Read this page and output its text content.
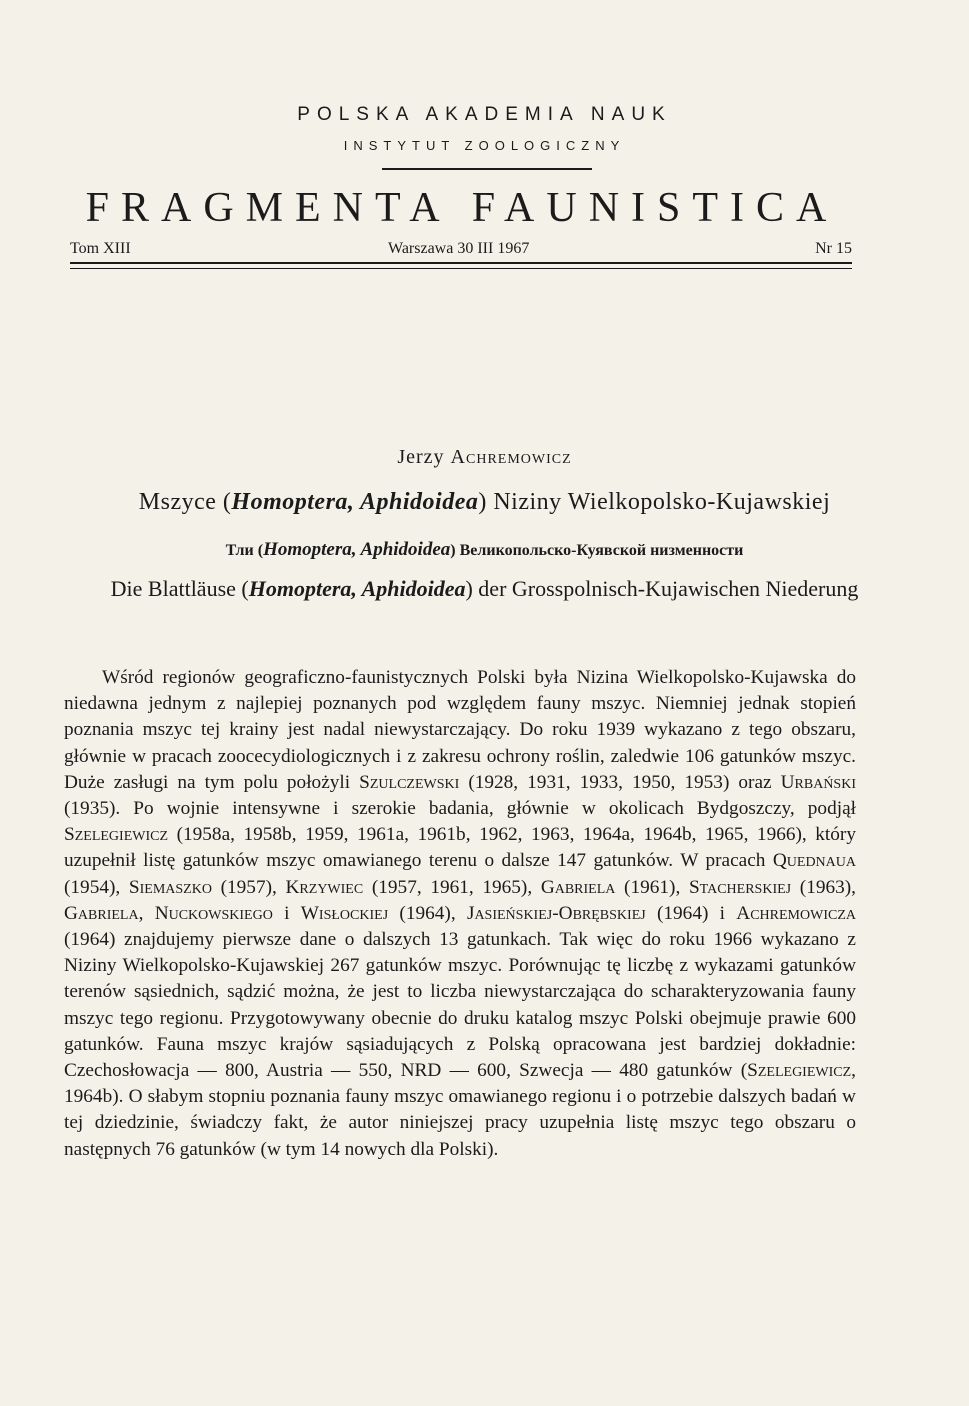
POLSKA AKADEMIA NAUK
INSTYTUT ZOOLOGICZNY
FRAGMENTA FAUNISTICA
Tom XIII	Warszawa 30 III 1967	Nr 15
Jerzy Achremowicz
Mszyce (Homoptera, Aphidoidea) Niziny Wielkopolsko-Kujawskiej
Тли (Homoptera, Aphidoidea) Великопольско-Куявской низменности
Die Blattläuse (Homoptera, Aphidoidea) der Grosspolnisch-Kujawischen Niederung

Wśród regionów geograficzno-faunistycznych Polski była Nizina Wielkopolsko-Kujawska do niedawna jednym z najlepiej poznanych pod względem fauny mszyc. Niemniej jednak stopień poznania mszyc tej krainy jest nadal niewystarczający. Do roku 1939 wykazano z tego obszaru, głównie w pracach zoocecydiologicznych i z zakresu ochrony roślin, zaledwie 106 gatunków mszyc. Duże zasługi na tym polu położyli Szulczewski (1928, 1931, 1933, 1950, 1953) oraz Urbański (1935). Po wojnie intensywne i szerokie badania, głównie w okolicach Bydgoszczy, podjął Szelegiewicz (1958a, 1958b, 1959, 1961a, 1961b, 1962, 1963, 1964a, 1964b, 1965, 1966), który uzupełnił listę gatunków mszyc omawianego terenu o dalsze 147 gatunków. W pracach Quednaua (1954), Siemaszko (1957), Krzywiec (1957, 1961, 1965), Gabriela (1961), Stacherskiej (1963), Gabriela, Nuckowskiego i Wisłockiej (1964), Jasieńskiej-Obrębskiej (1964) i Achremowicza (1964) znajdujemy pierwsze dane o dalszych 13 gatunkach. Tak więc do roku 1966 wykazano z Niziny Wielkopolsko-Kujawskiej 267 gatunków mszyc. Porównując tę liczbę z wykazami gatunków terenów sąsiednich, sądzić można, że jest to liczba niewystarczająca do scharakteryzowania fauny mszyc tego regionu. Przygotowywany obecnie do druku katalog mszyc Polski obejmuje prawie 600 gatunków. Fauna mszyc krajów sąsiadujących z Polską opracowana jest bardziej dokładnie: Czechosłowacja — 800, Austria — 550, NRD — 600, Szwecja — 480 gatunków (Szelegiewicz, 1964b). O słabym stopniu poznania fauny mszyc omawianego regionu i o potrzebie dalszych badań w tej dziedzinie, świadczy fakt, że autor niniejszej pracy uzupełnia listę mszyc tego obszaru o następnych 76 gatunków (w tym 14 nowych dla Polski).
